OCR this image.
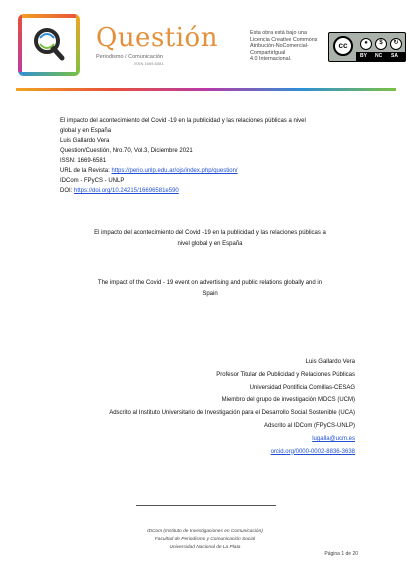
Questión
Periodismo / Comunicación
ISSN 1669-6581
Esta obra está bajo una
Licencia Creative Commons
Atribución-NoComercial-CompartirIgual
4.0 Internacional.
cc	●	$	↻
BY NC SA
El impacto del acontecimiento del Covid -19 en la publicidad y las relaciones públicas a nivel
global y en España
Luis Gallardo Vera
Question/Cuestión, Nro.70, Vol.3, Diciembre 2021
ISSN: 1669-6581
URL de la Revista: https://perio.unlp.edu.ar/ojs/index.php/question/
IDCom - FPyCS - UNLP
DOI: https://doi.org/10.24215/16696581e590
El impacto del acontecimiento del Covid -19 en la publicidad y las relaciones públicas a
nivel global y en España
The impact of the Covid - 19 event on advertising and public relations globally and in
Spain
Luis Gallardo Vera
Profesor Titular de Publicidad y Relaciones Públicas
Universidad Pontificia Comillas-CESAG
Miembro del grupo de investigación MDCS (UCM)
Adscrito al Instituto Universitario de Investigación para el Desarrollo Social Sostenible (UCA)
Adscrito al IDCom (FPyCS-UNLP)
lugalla@ucm.es
orcid.org/0000-0002-8836-3638
IDCom (Instituto de Investigaciones en Comunicación)
Facultad de Periodismo y Comunicación Social
Universidad Nacional de La Plata
Página 1 de 20
